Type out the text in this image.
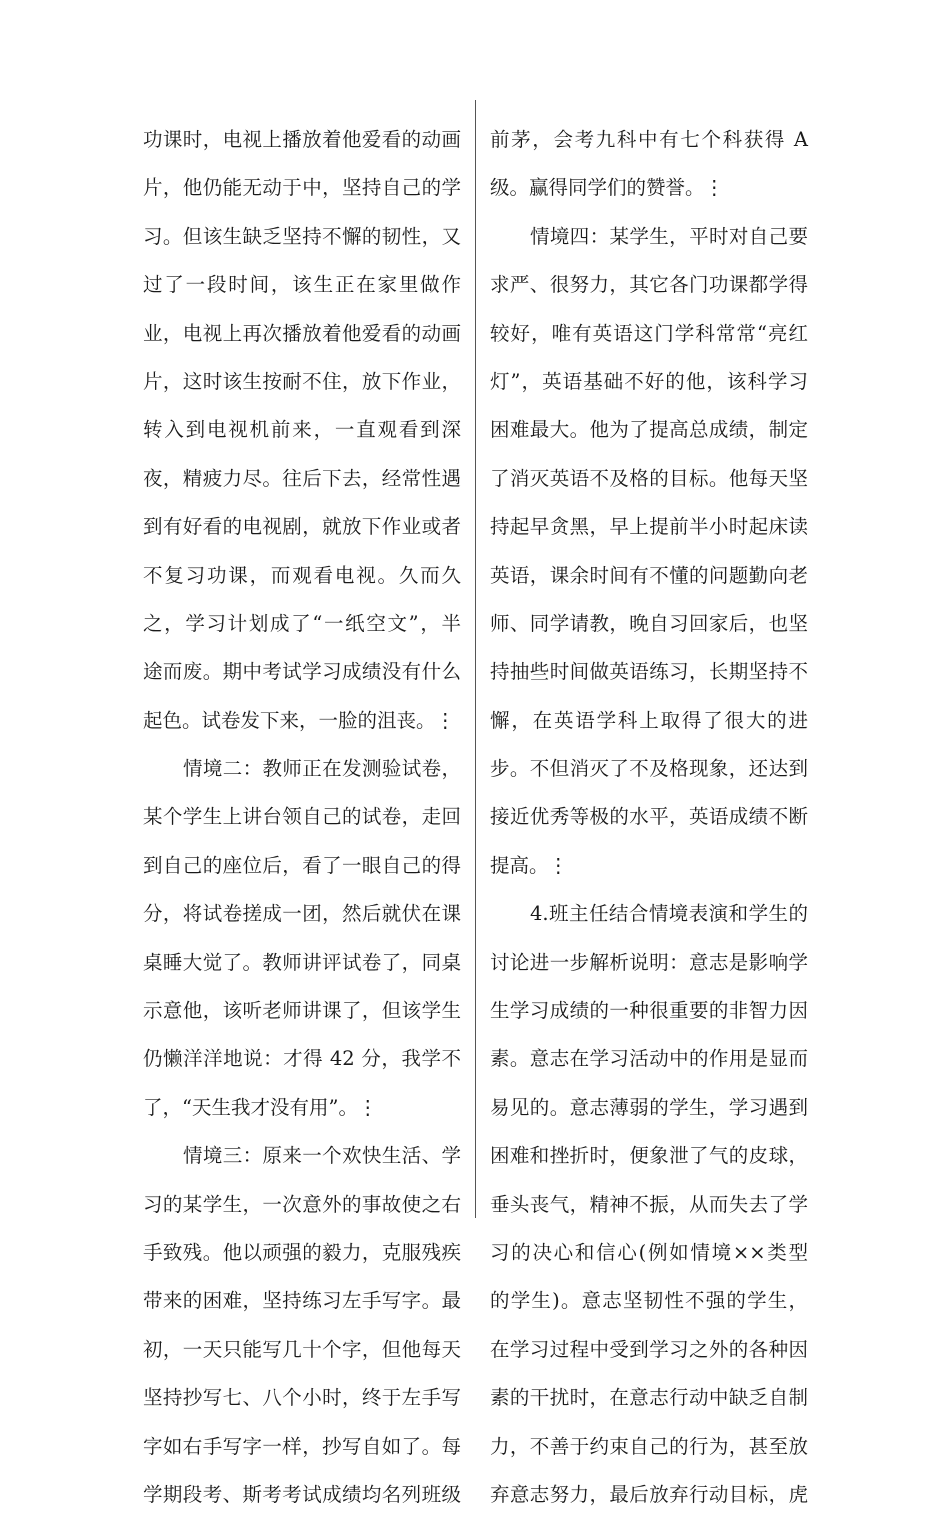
功课时，电视上播放着他爱看的动画
片，他仍能无动于中，坚持自己的学
习。但该生缺乏坚持不懈的韧性，又
过了一段时间，该生正在家里做作
业，电视上再次播放着他爱看的动画
片，这时该生按耐不住，放下作业，
转入到电视机前来，一直观看到深
夜，精疲力尽。往后下去，经常性遇
到有好看的电视剧，就放下作业或者
不复习功课，而观看电视。久而久
之，学习计划成了“一纸空文”，半
途而废。期中考试学习成绩没有什么
起色。试卷发下来，一脸的沮丧。⋮
情境二：教师正在发测验试卷，
某个学生上讲台领自己的试卷，走回
到自己的座位后，看了一眼自己的得
分，将试卷搓成一团，然后就伏在课
桌睡大觉了。教师讲评试卷了，同桌
示意他，该听老师讲课了，但该学生
仍懒洋洋地说：才得 42 分，我学不
了，“天生我才没有用”。⋮
情境三：原来一个欢快生活、学
习的某学生，一次意外的事故使之右
手致残。他以顽强的毅力，克服残疾
带来的困难，坚持练习左手写字。最
初，一天只能写几十个字，但他每天
坚持抄写七、八个小时，终于左手写
字如右手写字一样，抄写自如了。每
学期段考、斯考考试成绩均名列班级
前茅，会考九科中有七个科获得 A
级。赢得同学们的赞誉。⋮
情境四：某学生，平时对自己要
求严、很努力，其它各门功课都学得
较好，唯有英语这门学科常常“亮红
灯”，英语基础不好的他，该科学习
困难最大。他为了提高总成绩，制定
了消灭英语不及格的目标。他每天坚
持起早贪黑，早上提前半小时起床读
英语，课余时间有不懂的问题勤向老
师、同学请教，晚自习回家后，也坚
持抽些时间做英语练习，长期坚持不
懈，在英语学科上取得了很大的进
步。不但消灭了不及格现象，还达到
接近优秀等极的水平，英语成绩不断
提高。⋮
4.班主任结合情境表演和学生的
讨论进一步解析说明：意志是影响学
生学习成绩的一种很重要的非智力因
素。意志在学习活动中的作用是显而
易见的。意志薄弱的学生，学习遇到
困难和挫折时，便象泄了气的皮球，
垂头丧气，精神不振，从而失去了学
习的决心和信心(例如情境××类型
的学生)。意志坚韧性不强的学生，
在学习过程中受到学习之外的各种因
素的干扰时，在意志行动中缺乏自制
力，不善于约束自己的行为，甚至放
弃意志努力，最后放弃行动目标，虎
